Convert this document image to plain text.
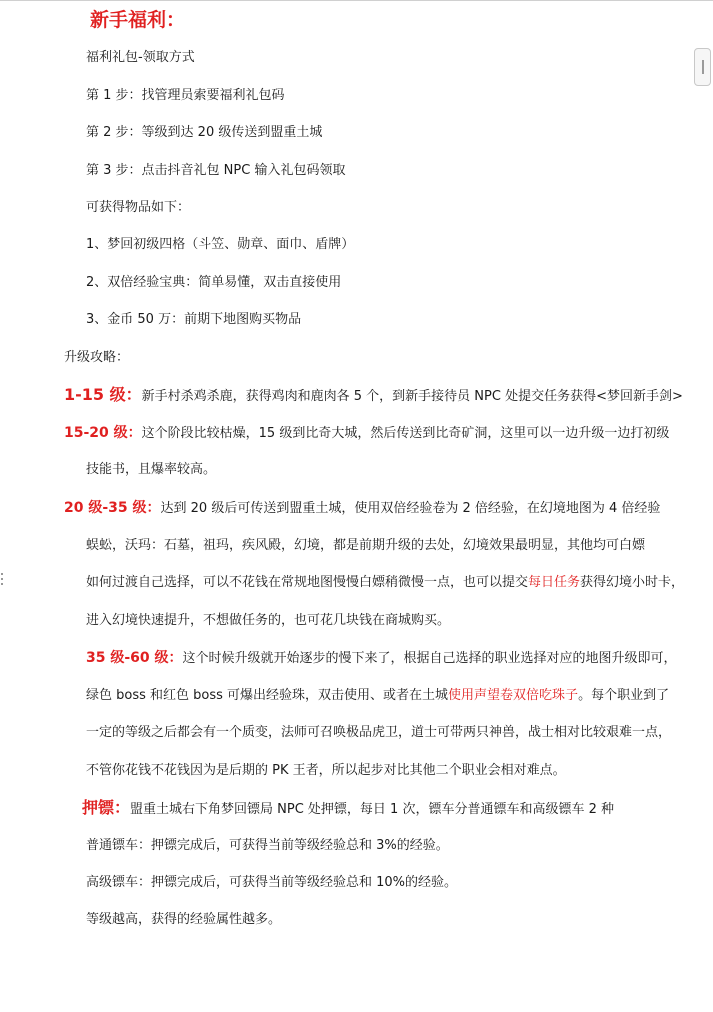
新手福利：
福利礼包-领取方式
第 1 步：找管理员索要福利礼包码
第 2 步：等级到达 20 级传送到盟重土城
第 3 步：点击抖音礼包 NPC 输入礼包码领取
可获得物品如下：
1、梦回初级四格（斗笠、勋章、面巾、盾牌）
2、双倍经验宝典：简单易懂，双击直接使用
3、金币 50 万：前期下地图购买物品
升级攻略：
1-15 级：新手村杀鸡杀鹿，获得鸡肉和鹿肉各 5 个，到新手接待员 NPC 处提交任务获得<梦回新手剑>
15-20 级：这个阶段比较枯燥，15 级到比奇大城，然后传送到比奇矿洞，这里可以一边升级一边打初级
技能书，且爆率较高。
20 级-35 级：达到 20 级后可传送到盟重土城，使用双倍经验卷为 2 倍经验，在幻境地图为 4 倍经验
蜈蚣，沃玛：石墓，祖玛，疾风殿，幻境，都是前期升级的去处，幻境效果最明显，其他均可白嫖
如何过渡自己选择，可以不花钱在常规地图慢慢白嫖稍微慢一点，也可以提交每日任务获得幻境小时卡，
进入幻境快速提升，不想做任务的，也可花几块钱在商城购买。
35 级-60 级：这个时候升级就开始逐步的慢下来了，根据自己选择的职业选择对应的地图升级即可，
绿色 boss 和红色 boss 可爆出经验珠，双击使用、或者在土城使用声望卷双倍吃珠子。每个职业到了
一定的等级之后都会有一个质变，法师可召唤极品虎卫，道士可带两只神兽，战士相对比较艰难一点，
不管你花钱不花钱因为是后期的 PK 王者，所以起步对比其他二个职业会相对难点。
押镖：盟重土城右下角梦回镖局 NPC 处押镖，每日 1 次，镖车分普通镖车和高级镖车 2 种
普通镖车：押镖完成后，可获得当前等级经验总和 3%的经验。
高级镖车：押镖完成后，可获得当前等级经验总和 10%的经验。
等级越高，获得的经验属性越多。
